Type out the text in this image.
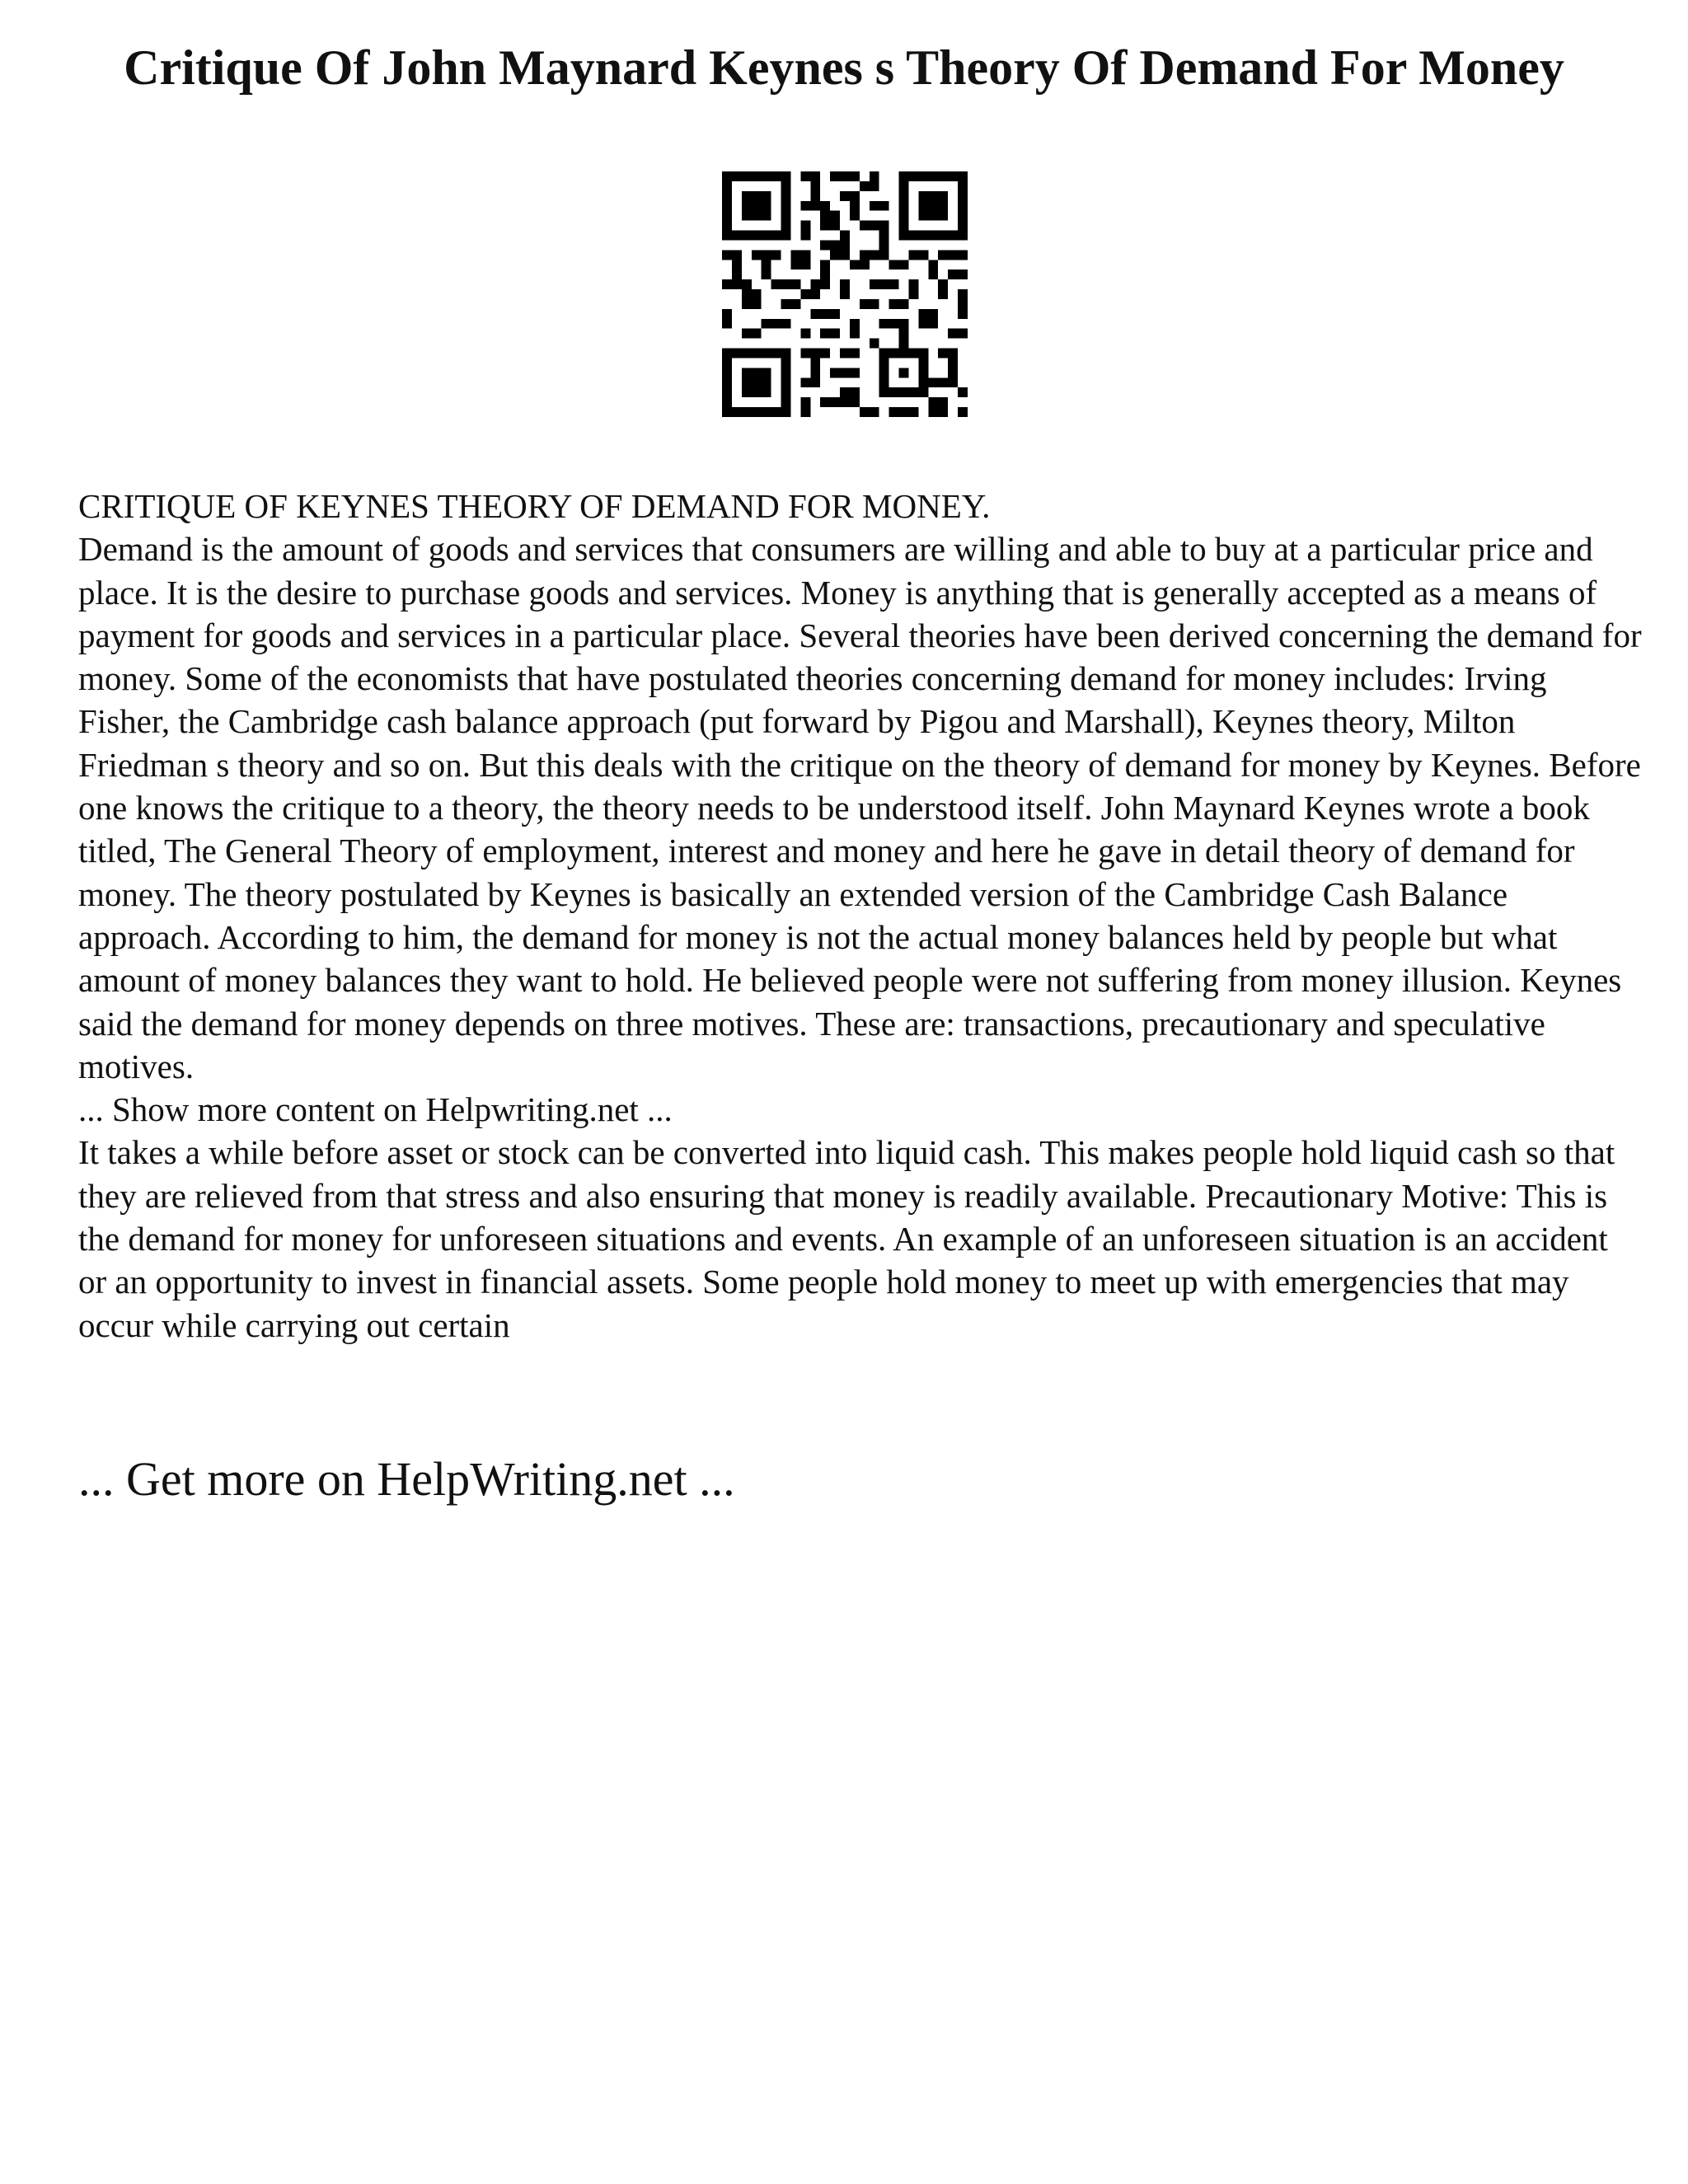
Critique Of John Maynard Keynes s Theory Of Demand For Money

CRITIQUE OF KEYNES THEORY OF DEMAND FOR MONEY.

Demand is the amount of goods and services that consumers are willing and able to buy at a particular price and place. It is the desire to purchase goods and services. Money is anything that is generally accepted as a means of payment for goods and services in a particular place. Several theories have been derived concerning the demand for money. Some of the economists that have postulated theories concerning demand for money includes: Irving Fisher, the Cambridge cash balance approach (put forward by Pigou and Marshall), Keynes theory, Milton Friedman s theory and so on. But this deals with the critique on the theory of demand for money by Keynes. Before one knows the critique to a theory, the theory needs to be understood itself. John Maynard Keynes wrote a book titled, The General Theory of employment, interest and money and here he gave in detail theory of demand for money. The theory postulated by Keynes is basically an extended version of the Cambridge Cash Balance approach. According to him, the demand for money is not the actual money balances held by people but what amount of money balances they want to hold. He believed people were not suffering from money illusion. Keynes said the demand for money depends on three motives. These are: transactions, precautionary and speculative motives.

... Show more content on Helpwriting.net ...

It takes a while before asset or stock can be converted into liquid cash. This makes people hold liquid cash so that they are relieved from that stress and also ensuring that money is readily available. Precautionary Motive: This is the demand for money for unforeseen situations and events. An example of an unforeseen situation is an accident or an opportunity to invest in financial assets. Some people hold money to meet up with emergencies that may occur while carrying out certain

... Get more on HelpWriting.net ...
